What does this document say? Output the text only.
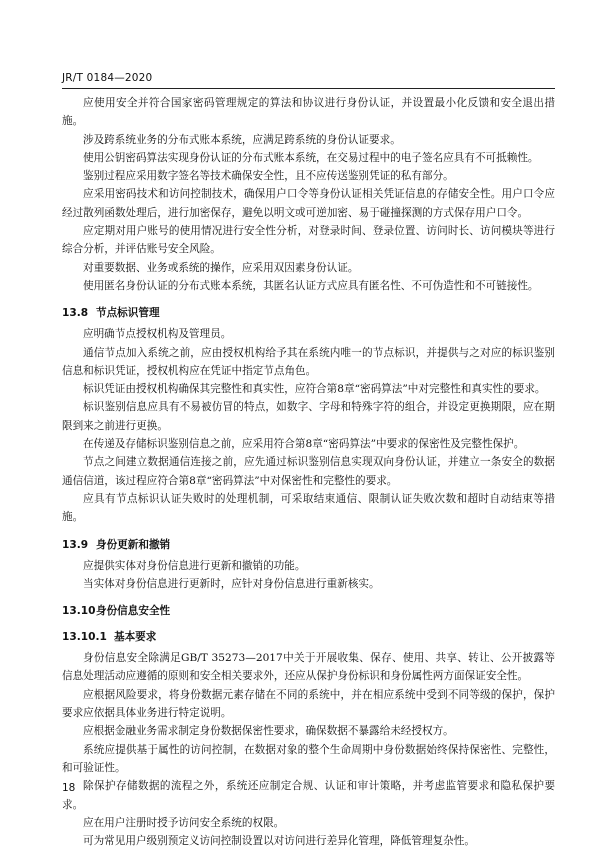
JR/T 0184—2020

应使用安全并符合国家密码管理规定的算法和协议进行身份认证，并设置最小化反馈和安全退出措施。

涉及跨系统业务的分布式账本系统，应满足跨系统的身份认证要求。

使用公钥密码算法实现身份认证的分布式账本系统，在交易过程中的电子签名应具有不可抵赖性。

鉴别过程应采用数字签名等技术确保安全性，且不应传送鉴别凭证的私有部分。

应采用密码技术和访问控制技术，确保用户口令等身份认证相关凭证信息的存储安全性。用户口令应经过散列函数处理后，进行加密保存，避免以明文或可逆加密、易于碰撞探测的方式保存用户口令。

应定期对用户账号的使用情况进行安全性分析，对登录时间、登录位置、访问时长、访问模块等进行综合分析，并评估账号安全风险。

对重要数据、业务或系统的操作，应采用双因素身份认证。

使用匿名身份认证的分布式账本系统，其匿名认证方式应具有匿名性、不可伪造性和不可链接性。

13.8 节点标识管理

应明确节点授权机构及管理员。

通信节点加入系统之前，应由授权机构给予其在系统内唯一的节点标识，并提供与之对应的标识鉴别信息和标识凭证，授权机构应在凭证中指定节点角色。

标识凭证由授权机构确保其完整性和真实性，应符合第8章“密码算法”中对完整性和真实性的要求。

标识鉴别信息应具有不易被仿冒的特点，如数字、字母和特殊字符的组合，并设定更换期限，应在期限到来之前进行更换。

在传递及存储标识鉴别信息之前，应采用符合第8章“密码算法”中要求的保密性及完整性保护。

节点之间建立数据通信连接之前，应先通过标识鉴别信息实现双向身份认证，并建立一条安全的数据通信信道，该过程应符合第8章“密码算法”中对保密性和完整性的要求。

应具有节点标识认证失败时的处理机制，可采取结束通信、限制认证失败次数和超时自动结束等措施。

13.9 身份更新和撤销

应提供实体对身份信息进行更新和撤销的功能。

当实体对身份信息进行更新时，应针对身份信息进行重新核实。

13.10身份信息安全性
13.10.1 基本要求

身份信息安全除满足GB/T 35273—2017中关于开展收集、保存、使用、共享、转让、公开披露等信息处理活动应遵循的原则和安全相关要求外，还应从保护身份标识和身份属性两方面保证安全性。

应根据风险要求，将身份数据元素存储在不同的系统中，并在相应系统中受到不同等级的保护，保护要求应依据具体业务进行特定说明。

应根据金融业务需求制定身份数据保密性要求，确保数据不暴露给未经授权方。

系统应提供基于属性的访问控制，在数据对象的整个生命周期中身份数据始终保持保密性、完整性，和可验证性。

除保护存储数据的流程之外，系统还应制定合规、认证和审计策略，并考虑监管要求和隐私保护要求。

应在用户注册时授予访问安全系统的权限。

可为常见用户级别预定义访问控制设置以对访问进行差异化管理，降低管理复杂性。

18
